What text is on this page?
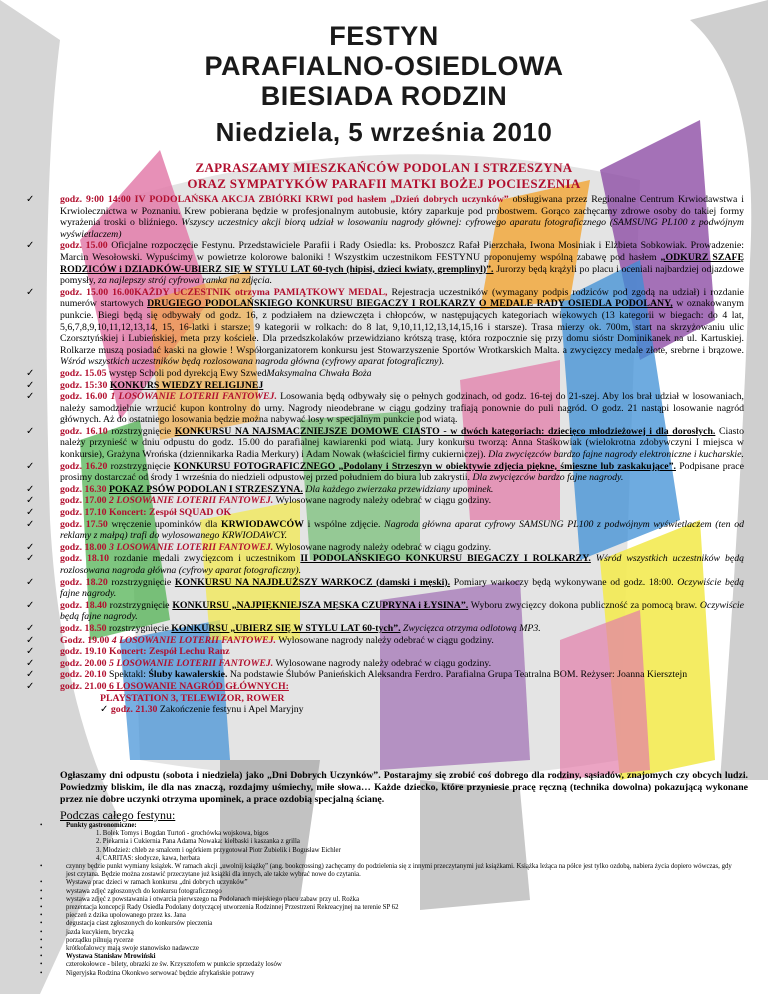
FESTYN
PARAFIALNO-OSIEDLOWA
BIESIADA RODZIN
Niedziela, 5 września 2010
ZAPRASZAMY MIESZKAŃCÓW PODOLAN I STRZESZYNA
ORAZ SYMPATYKÓW PARAFII MATKI BOŻEJ POCIESZENIA
✓	godz. 9:00 14:00 IV PODOLAŃSKA AKCJA ZBIÓRKI KRWI pod hasłem „Dzień dobrych uczynków” obsługiwana przez Regionalne Centrum Krwiodawstwa i Krwiolecznictwa w Poznaniu. Krew pobierana będzie w profesjonalnym autobusie, który zaparkuje pod probostwem. Gorąco zachęcamy zdrowe osoby do takiej formy wyrażenia troski o bliźniego. Wszyscy uczestnicy akcji biorą udział w losowaniu nagrody głównej: cyfrowego aparatu fotograficznego (SAMSUNG PL100 z podwójnym wyświetlaczem)
✓	godz. 15.00 Oficjalne rozpoczęcie Festynu. Przedstawiciele Parafii i Rady Osiedla: ks. Proboszcz Rafał Pierzchała, Iwona Mosiniak i Elżbieta Sobkowiak. Prowadzenie: Marcin Wesołowski. Wypuścimy w powietrze kolorowe baloniki ! Wszystkim uczestnikom FESTYNU proponujemy wspólną zabawę pod hasłem „ODKURZ SZAFĘ RODZICÓW i DZIADKÓW-UBIERZ SIĘ W STYLU LAT 60-tych (hipisi, dzieci kwiaty, gremplinyl)”. Jurorzy będą krążyli po placu i oceniali najbardziej odjazdowe pomysły, za najlepszy strój cyfrowa ramka na zdjęcia.
✓	godz. 15.00 16.00KAŻDY UCZESTNIK otrzyma PAMIĄTKOWY MEDAL, Rejestracja uczestników (wymagany podpis rodziców pod zgodą na udział) i rozdanie numerów startowych DRUGIEGO PODOLAŃSKIEGO KONKURSU BIEGACZY I ROLKARZY O MEDALE RADY OSIEDLA PODOLANY, w oznakowanym punkcie. Biegi będą się odbywały od godz. 16, z podziałem na dziewczęta i chłopców, w następujących kategoriach wiekowych (13 kategorii w biegach: do 4 lat, 5,6,7,8,9,10,11,12,13,14, 15, 16-latki i starsze; 9 kategorii w rolkach: do 8 lat, 9,10,11,12,13,14,15,16 i starsze). Trasa mierzy ok. 700m, start na skrzyżowaniu ulic Czorsztyńskiej i Lubieńskiej, meta przy kościele. Dla przedszkolaków przewidziano krótszą trasę, która rozpocznie się przy domu sióstr Dominikanek na ul. Kartuskiej. Rolkarze muszą posiadać kaski na głowie ! Współorganizatorem konkursu jest Stowarzyszenie Sportów Wrotkarskich Malta. a zwycięzcy medale złote, srebrne i brązowe. Wśród wszystkich uczestników będą rozlosowana nagroda główna (cyfrowy aparat fotograficzny).
✓	godz. 15.05 występ Scholi pod dyrekcją Ewy SzwedMaksymalna Chwała Boża
✓	godz. 15:30 KONKURS WIEDZY RELIGIJNEJ
✓	godz. 16.00 1 LOSOWANIE LOTERII FANTOWEJ. Losowania będą odbywały się o pełnych godzinach, od godz. 16-tej do 21-szej. Aby los brał udział w losowaniach, należy samodzielnie wrzucić kupon kontrolny do urny. Nagrody nieodebrane w ciągu godziny trafiają ponownie do puli nagród. O godz. 21 nastąpi losowanie nagród głównych. Aż do ostatniego losowania będzie można nabywać losy w specjalnym punkcie pod wiatą.
✓	godz. 16.10 rozstrzygnięcie KONKURSU NA NAJSMACZNIEJSZE DOMOWE CIASTO - w dwóch kategoriach: dziecięco młodzieżowej i dla dorosłych. Ciasto należy przynieść w dniu odpustu do godz. 15.00 do parafialnej kawiarenki pod wiatą. Jury konkursu tworzą: Anna Staśkowiak (wielokrotna zdobywczyni I miejsca w konkursie), Grażyna Wrońska (dziennikarka Radia Merkury) i Adam Nowak (właściciel firmy cukierniczej). Dla zwycięzców bardzo fajne nagrody elektroniczne i kucharskie.
✓	godz. 16.20 rozstrzygnięcie KONKURSU FOTOGRAFICZNEGO „Podolany i Strzeszyn w obiektywie zdjęcia piękne, śmieszne lub zaskakujące”. Podpisane prace prosimy dostarczać od środy 1 września do niedzieli odpustowej przed południem do biura lub zakrystii. Dla zwycięzców bardzo fajne nagrody.
✓	godz. 16.30 POKAZ PSÓW PODOLAN I STRZESZYNA. Dla każdego zwierzaka przewidziany upominek.
✓	godz. 17.00 2 LOSOWANIE LOTERII FANTOWEJ. Wylosowane nagrody należy odebrać w ciągu godziny.
✓	godz. 17.10 Koncert: Zespół SQUAD OK
✓	godz. 17.50 wręczenie upominków dla KRWIODAWCÓW i wspólne zdjęcie. Nagroda główna aparat cyfrowy SAMSUNG PL100 z podwójnym wyświetlaczem (ten od reklamy z małpą) trafi do wylosowanego KRWIODAWCY.
✓	godz. 18.00 3 LOSOWANIE LOTERII FANTOWEJ. Wylosowane nagrody należy odebrać w ciągu godziny.
✓	godz. 18.10 rozdanie medali zwycięzcom i uczestnikom II PODOLAŃSKIEGO KONKURSU BIEGACZY I ROLKARZY. Wśród wszystkich uczestników będą rozlosowana nagroda główna (cyfrowy aparat fotograficzny).
✓	godz. 18.20 rozstrzygnięcie KONKURSU NA NAJDŁUŻSZY WARKOCZ (damski i męski). Pomiary warkoczy będą wykonywane od godz. 18:00. Oczywiście będą fajne nagrody.
✓	godz. 18.40 rozstrzygnięcie KONKURSU „NAJPIĘKNIEJSZA MĘSKA CZUPRYNA i ŁYSINA”. Wyboru zwycięzcy dokona publiczność za pomocą braw. Oczywiście będą fajne nagrody.
✓	godz. 18.50 rozstrzygnięcie KONKURSU „UBIERZ SIĘ W STYLU LAT 60-tych”. Zwycięzca otrzyma odlotową MP3.
✓	Godz. 19.00 4 LOSOWANIE LOTERII FANTOWEJ. Wylosowane nagrody należy odebrać w ciągu godziny.
✓	godz. 19.10 Koncert: Zespół Lechu Ranz
✓	godz. 20.00 5 LOSOWANIE LOTERII FANTOWEJ. Wylosowane nagrody należy odebrać w ciągu godziny.
✓	godz. 20.10 Spektakl: Śluby kawalerskie. Na podstawie Ślubów Panieńskich Aleksandra Ferdro. Parafialna Grupa Teatralna BOM. Reżyser: Joanna Kiersztejn
✓	godz. 21.00 6 LOSOWANIE NAGRÓD GŁÓWNYCH:
PLAYSTATION 3, TELEWIZOR, ROWER
✓ godz. 21.30 Zakończenie festynu i Apel Maryjny
Ogłaszamy dni odpustu (sobota i niedziela) jako „Dni Dobrych Uczynków”. Postarajmy się zrobić coś dobrego dla rodziny, sąsiadów, znajomych czy obcych ludzi. Powiedzmy bliskim, ile dla nas znaczą, rozdajmy uśmiechy, miłe słowa… Każde dziecko, które przyniesie pracę ręczną (technika dowolna) pokazującą wykonane przez nie dobre uczynki otrzyma upominek, a prace ozdobią specjalną ścianę.
Podczas całego festynu:
•	Punkty gastronomiczne:
1. Bolek Tomys i Bogdan Turtoń - grochówka wojskowa, bigos
2. Piekarnia i Cukiernia Pana Adama Nowaka: kiełbaski i kaszanka z grilla
3. Młodzież: chleb ze smalcem i ogórkiem przygotował Piotr Żubielik i Bogusław Eichler
4. CARITAS: słodycze, kawa, herbata
•	czynny będzie punkt wymiany książek. W ramach akcji „uwolnij książkę” (ang. bookcrossing) zachęcamy do podzielenia się z innymi przeczytanymi już książkami. Książka leżąca na półce jest tylko ozdobą, nabiera życia dopiero wówczas, gdy jest czytana. Będzie można zostawić przeczytane już książki dla innych, ale także wybrać nowe do czytania.
•	Wystawa prac dzieci w ramach konkursu „dni dobrych uczynków”
•	wystawa zdjęć zgłoszonych do konkursu fotograficznego
•	wystawa zdjęć z powstawania i otwarcia pierwszego na Podolanach miejskiego placu zabaw przy ul. Rożka
•	prezentacja koncepcji Rady Osiedla Podolany dotyczącej utworzenia Rodzinnej Przestrzeni Rekreacyjnej na terenie SP 62
•	pieczeń z dzika upolowanego przez ks. Jana
•	degustacja ciast zgłoszonych do konkursów pieczenia
•	jazda kucykiem, bryczką
•	porządku pilnują rycerze
•	krótkofalowcy mają swoje stanowisko nadawcze
•	Wystawa Stanisław Mrowiński
•	czterokołowce - bilety, obrazki ze św. Krzysztofem w punkcie sprzedaży losów
•	Nigeryjska Rodzina Okonkwo serwować będzie afrykańskie potrawy
